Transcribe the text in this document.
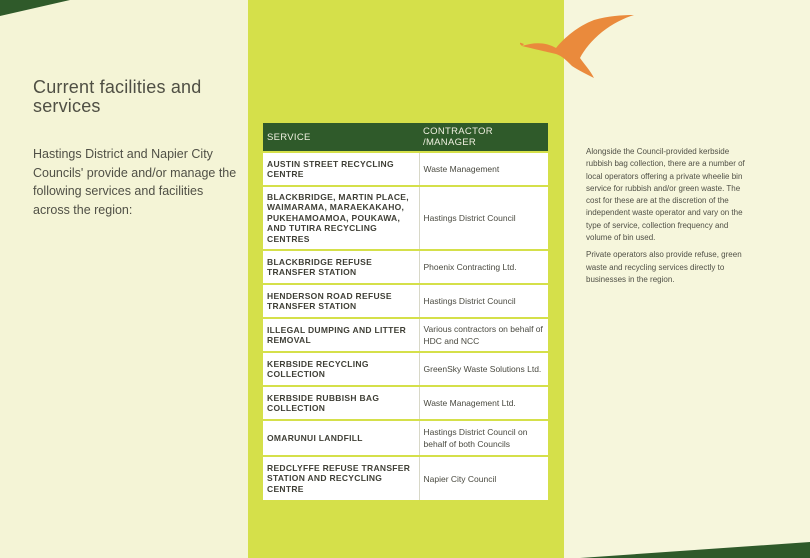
Current facilities and services

Hastings District and Napier City Councils' provide and/or manage the following services and facilities across the region:

SERVICE	CONTRACTOR /MANAGER
AUSTIN STREET RECYCLING CENTRE	Waste Management
BLACKBRIDGE, MARTIN PLACE, WAIMARAMA, MARAEKAKAHO, PUKEHAMOAMOA, POUKAWA, AND TUTIRA RECYCLING CENTRES	Hastings District Council
BLACKBRIDGE REFUSE TRANSFER STATION	Phoenix Contracting Ltd.
HENDERSON ROAD REFUSE TRANSFER STATION	Hastings District Council
ILLEGAL DUMPING AND LITTER REMOVAL	Various contractors on behalf of HDC and NCC
KERBSIDE RECYCLING COLLECTION	GreenSky Waste Solutions Ltd.
KERBSIDE RUBBISH BAG COLLECTION	Waste Management Ltd.
OMARUNUI LANDFILL	Hastings District Council on behalf of both Councils
REDCLYFFE REFUSE TRANSFER STATION AND RECYCLING CENTRE	Napier City Council

Alongside the Council-provided kerbside rubbish bag collection, there are a number of local operators offering a private wheelie bin service for rubbish and/or green waste. The cost for these are at the discretion of the independent waste operator and vary on the type of service, collection frequency and volume of bin used.

Private operators also provide refuse, green waste and recycling services directly to businesses in the region.
